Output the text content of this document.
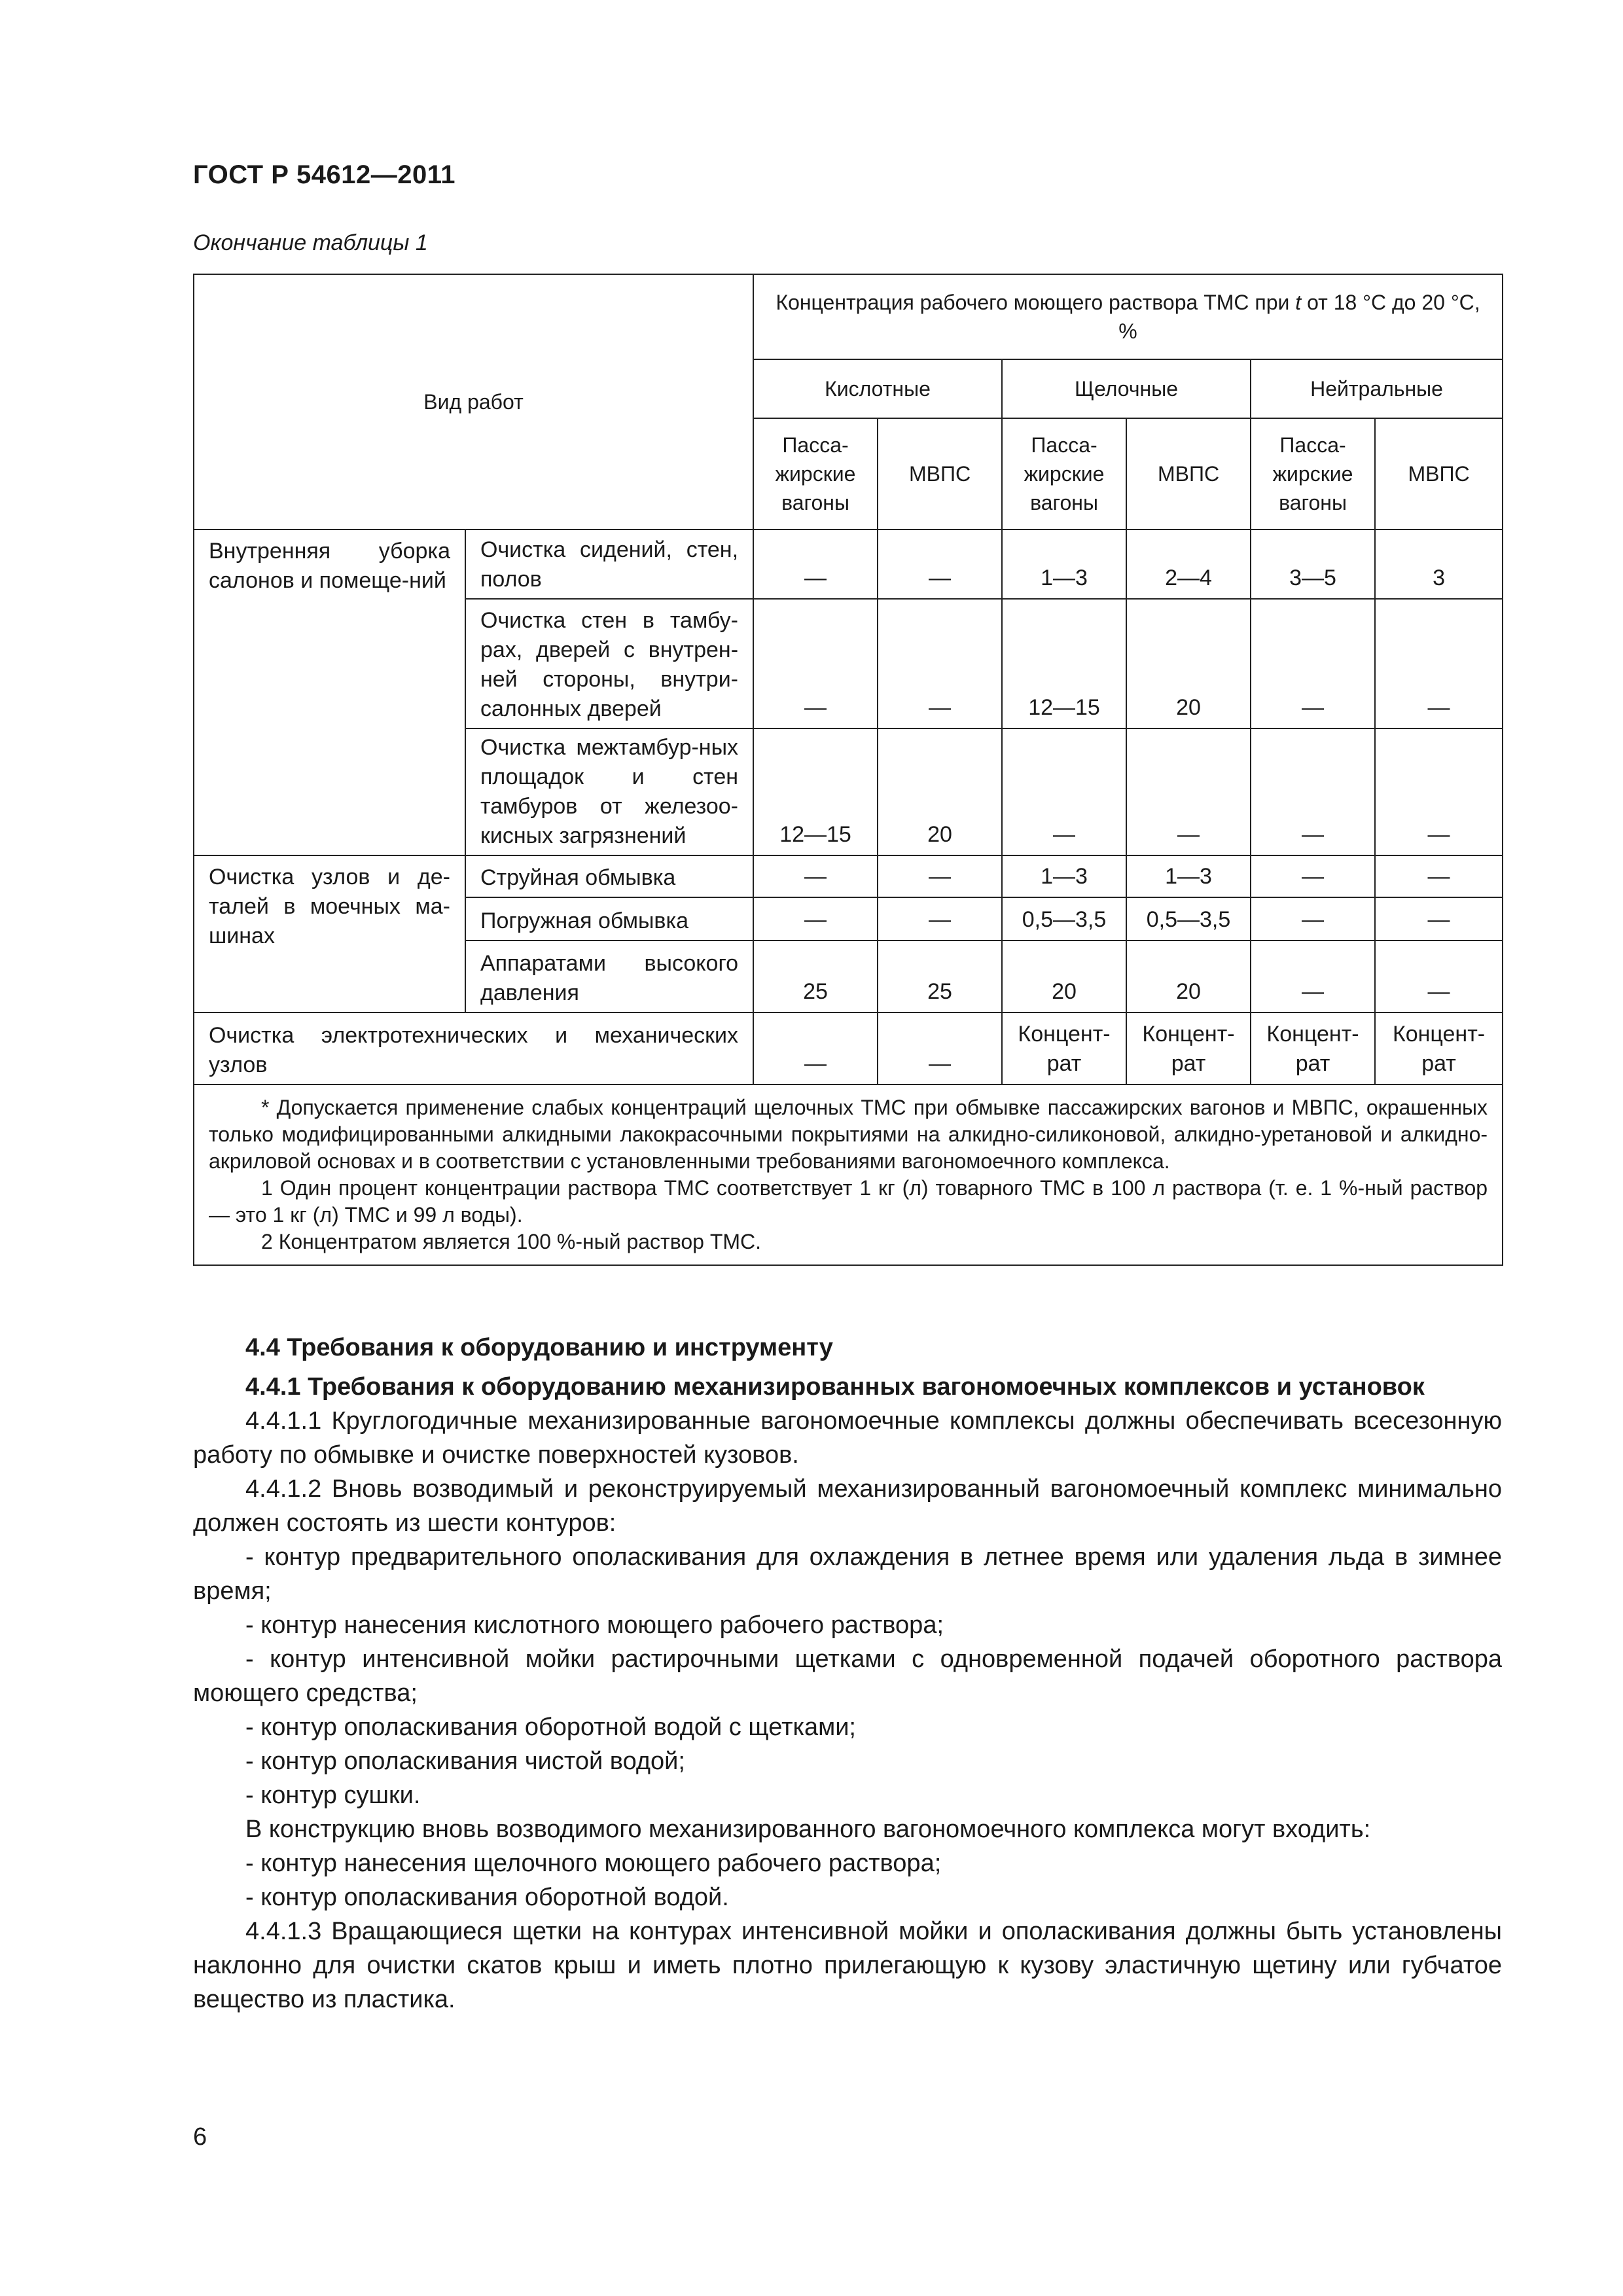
ГОСТ Р 54612—2011
Окончание таблицы 1
Вид работ		Концентрация рабочего моющего раствора ТМС при t от 18 °С до 20 °С, %					
		Кислотные		Щелочные		Нейтральные	
		Пасса-жирские вагоны	МВПС	Пасса-жирские вагоны	МВПС	Пасса-жирские вагоны	МВПС
Внутренняя уборка салонов и помеще-ний	Очистка сидений, стен, полов	—	—	1—3	2—4	3—5	3
	Очистка стен в тамбу-рах, дверей с внутрен-ней стороны, внутри-салонных дверей	—	—	12—15	20	—	—
	Очистка межтамбур-ных площадок и стен тамбуров от железоо-кисных загрязнений	12—15	20	—	—	—	—
Очистка узлов и де-талей в моечных ма-шинах	Струйная обмывка	—	—	1—3	1—3	—	—
	Погружная обмывка	—	—	0,5—3,5	0,5—3,5	—	—
	Аппаратами высокого давления	25	25	20	20	—	—
Очистка электротехнических и механических узлов		—	—	Концент-рат	Концент-рат	Концент-рат	Концент-рат

* Допускается применение слабых концентраций щелочных ТМС при обмывке пассажирских вагонов и МВПС, окрашенных только модифицированными алкидными лакокрасочными покрытиями на алкидно-силиконовой, алкидно-уретановой и алкидно-акриловой основах и в соответствии с установленными требованиями вагономоечного комплекса.

1 Один процент концентрации раствора ТМС соответствует 1 кг (л) товарного ТМС в 100 л раствора (т. е. 1 %-ный раствор — это 1 кг (л) ТМС и 99 л воды).

2 Концентратом является 100 %-ный раствор ТМС.							

4.4 Требования к оборудованию и инструменту

4.4.1 Требования к оборудованию механизированных вагономоечных комплексов и установок

4.4.1.1 Круглогодичные механизированные вагономоечные комплексы должны обеспечивать всесезонную работу по обмывке и очистке поверхностей кузовов.

4.4.1.2 Вновь возводимый и реконструируемый механизированный вагономоечный комплекс минимально должен состоять из шести контуров:

- контур предварительного ополаскивания для охлаждения в летнее время или удаления льда в зимнее время;

- контур нанесения кислотного моющего рабочего раствора;

- контур интенсивной мойки растирочными щетками с одновременной подачей оборотного раствора моющего средства;

- контур ополаскивания оборотной водой с щетками;

- контур ополаскивания чистой водой;

- контур сушки.

В конструкцию вновь возводимого механизированного вагономоечного комплекса могут входить:

- контур нанесения щелочного моющего рабочего раствора;

- контур ополаскивания оборотной водой.

4.4.1.3 Вращающиеся щетки на контурах интенсивной мойки и ополаскивания должны быть установлены наклонно для очистки скатов крыш и иметь плотно прилегающую к кузову эластичную щетину или губчатое вещество из пластика.

6
